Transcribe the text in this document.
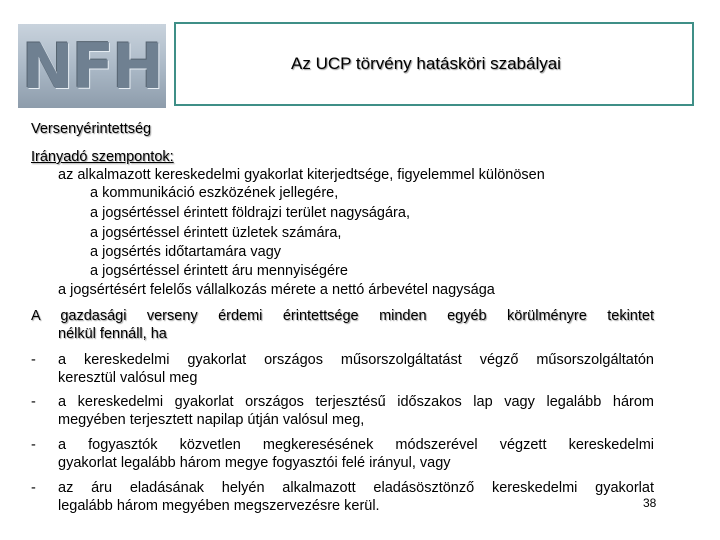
NFH	Az UCP törvény hatásköri szabályai
Versenyérintettség
Irányadó szempontok:
az alkalmazott kereskedelmi gyakorlat kiterjedtsége, figyelemmel különösen
a kommunikáció eszközének jellegére,
a jogsértéssel érintett földrajzi terület nagyságára,
a jogsértéssel érintett üzletek számára,
a jogsértés időtartamára vagy
a jogsértéssel érintett áru mennyiségére
a jogsértésért felelős vállalkozás mérete a nettó árbevétel nagysága
A gazdasági verseny érdemi érintettsége minden egyéb körülményre tekintet
nélkül fennáll, ha
- a kereskedelmi gyakorlat országos műsorszolgáltatást végző műsorszolgáltatón
keresztül valósul meg
- a kereskedelmi gyakorlat országos terjesztésű időszakos lap vagy legalább három
megyében terjesztett napilap útján valósul meg,
- a fogyasztók közvetlen megkeresésének módszerével végzett kereskedelmi
gyakorlat legalább három megye fogyasztói felé irányul, vagy
- az áru eladásának helyén alkalmazott eladásösztönző kereskedelmi gyakorlat
legalább három megyében megszervezésre kerül.	38
